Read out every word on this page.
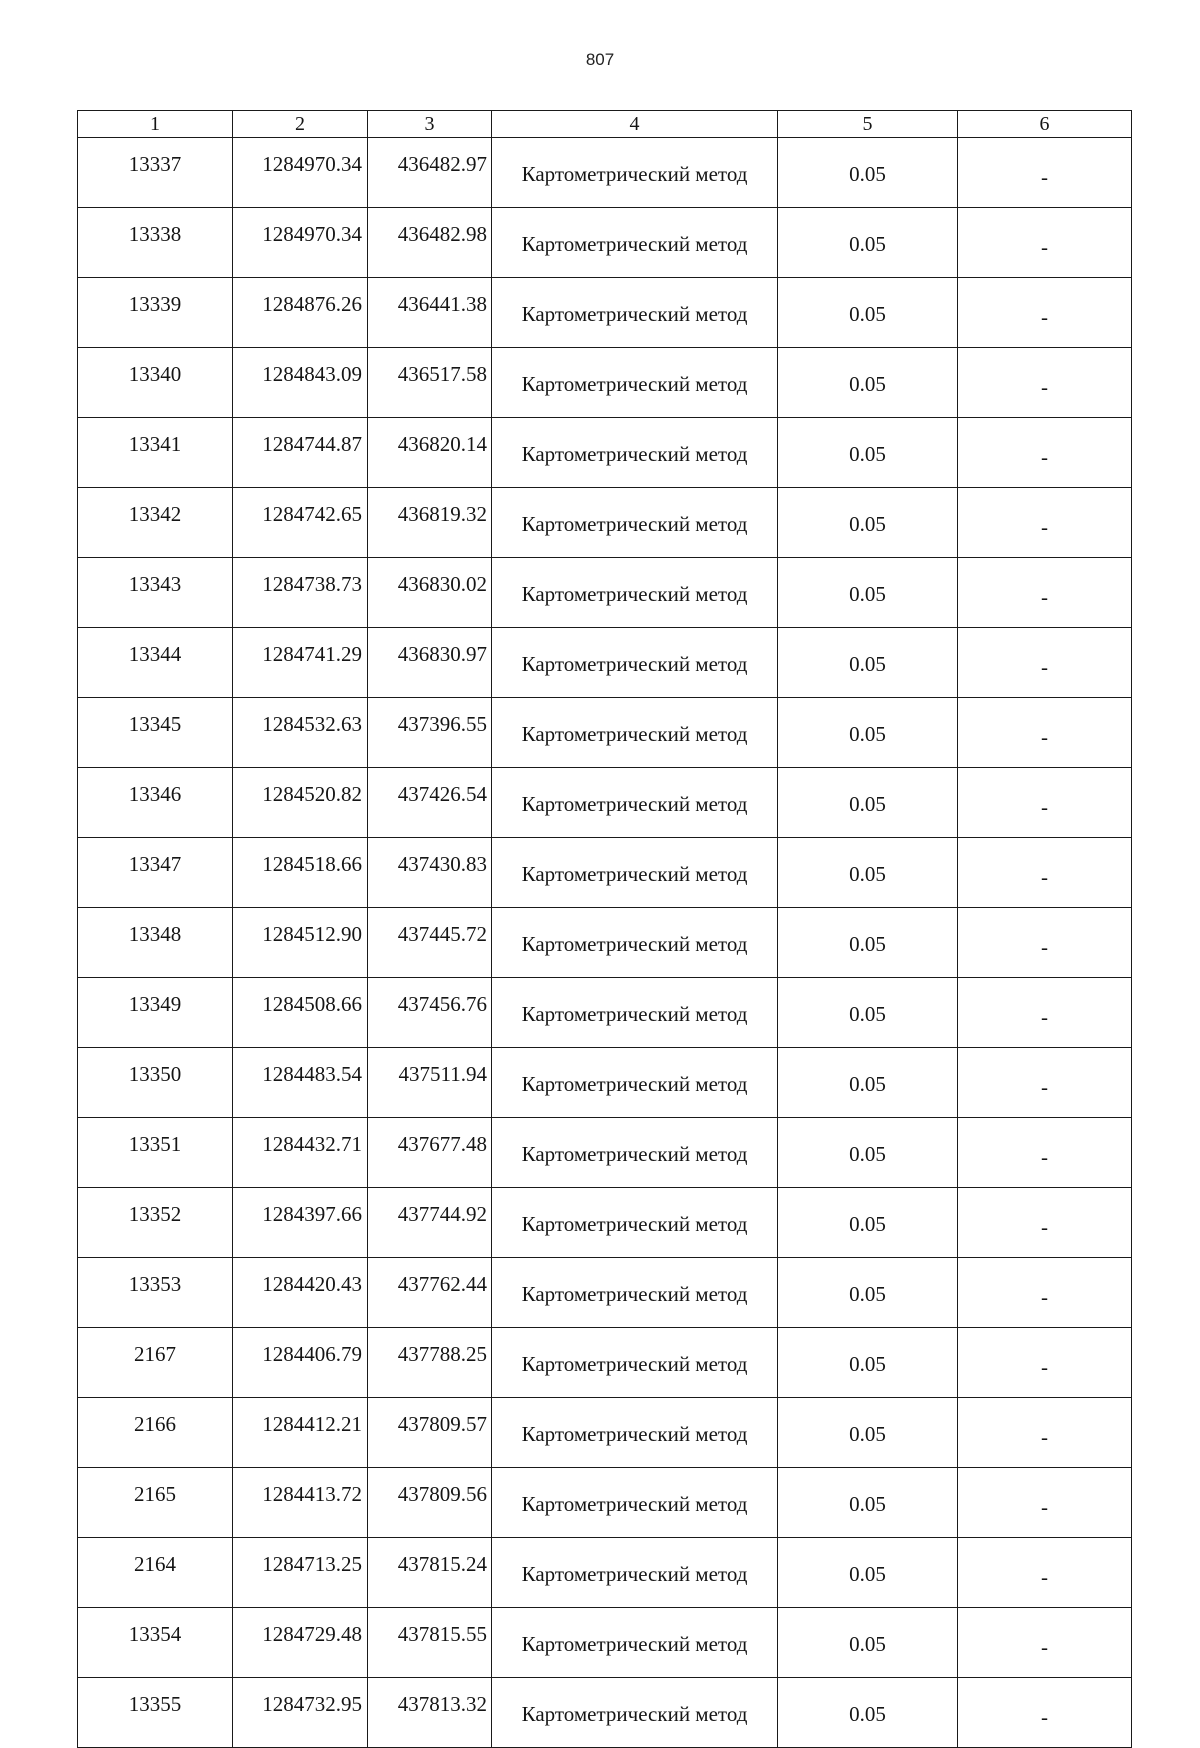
807
1	2	3	4	5	6
13337	1284970.34	436482.97	Картометрический метод	0.05	-
13338	1284970.34	436482.98	Картометрический метод	0.05	-
13339	1284876.26	436441.38	Картометрический метод	0.05	-
13340	1284843.09	436517.58	Картометрический метод	0.05	-
13341	1284744.87	436820.14	Картометрический метод	0.05	-
13342	1284742.65	436819.32	Картометрический метод	0.05	-
13343	1284738.73	436830.02	Картометрический метод	0.05	-
13344	1284741.29	436830.97	Картометрический метод	0.05	-
13345	1284532.63	437396.55	Картометрический метод	0.05	-
13346	1284520.82	437426.54	Картометрический метод	0.05	-
13347	1284518.66	437430.83	Картометрический метод	0.05	-
13348	1284512.90	437445.72	Картометрический метод	0.05	-
13349	1284508.66	437456.76	Картометрический метод	0.05	-
13350	1284483.54	437511.94	Картометрический метод	0.05	-
13351	1284432.71	437677.48	Картометрический метод	0.05	-
13352	1284397.66	437744.92	Картометрический метод	0.05	-
13353	1284420.43	437762.44	Картометрический метод	0.05	-
2167	1284406.79	437788.25	Картометрический метод	0.05	-
2166	1284412.21	437809.57	Картометрический метод	0.05	-
2165	1284413.72	437809.56	Картометрический метод	0.05	-
2164	1284713.25	437815.24	Картометрический метод	0.05	-
13354	1284729.48	437815.55	Картометрический метод	0.05	-
13355	1284732.95	437813.32	Картометрический метод	0.05	-
